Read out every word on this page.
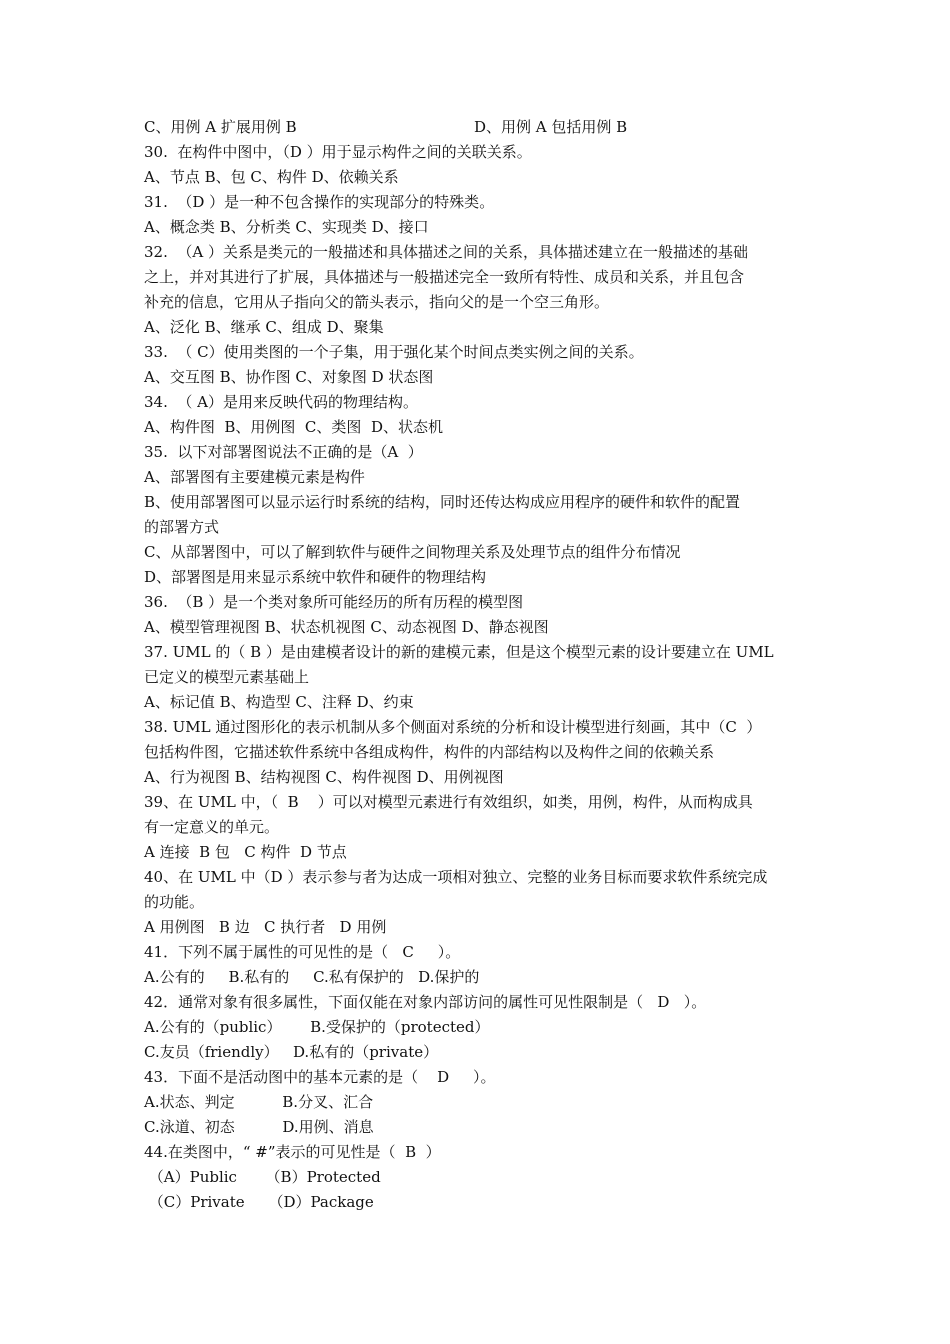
C、用例 A 扩展用例 B	D、用例 A 包括用例 B
30.  在构件中图中，（D ）用于显示构件之间的关联关系。
A、节点 B、包 C、构件 D、依赖关系
31.  （D ）是一种不包含操作的实现部分的特殊类。
A、概念类 B、分析类 C、实现类 D、接口
32.  （A ）关系是类元的一般描述和具体描述之间的关系，具体描述建立在一般描述的基础
之上，并对其进行了扩展，具体描述与一般描述完全一致所有特性、成员和关系，并且包含
补充的信息，它用从子指向父的箭头表示，指向父的是一个空三角形。
A、泛化 B、继承 C、组成 D、聚集
33.  （ C）使用类图的一个子集，用于强化某个时间点类实例之间的关系。
A、交互图 B、协作图 C、对象图 D 状态图
34.  （ A）是用来反映代码的物理结构。
A、构件图  B、用例图  C、类图  D、状态机
35.  以下对部署图说法不正确的是（A  ）
A、部署图有主要建模元素是构件
B、使用部署图可以显示运行时系统的结构，同时还传达构成应用程序的硬件和软件的配置
的部署方式
C、从部署图中，可以了解到软件与硬件之间物理关系及处理节点的组件分布情况
D、部署图是用来显示系统中软件和硬件的物理结构
36.  （B ）是一个类对象所可能经历的所有历程的模型图
A、模型管理视图 B、状态机视图 C、动态视图 D、静态视图
37. UML 的（ B ）是由建模者设计的新的建模元素，但是这个模型元素的设计要建立在 UML
已定义的模型元素基础上
A、标记值 B、构造型 C、注释 D、约束
38. UML 通过图形化的表示机制从多个侧面对系统的分析和设计模型进行刻画，其中（C  ）
包括构件图，它描述软件系统中各组成构件，构件的内部结构以及构件之间的依赖关系
A、行为视图 B、结构视图 C、构件视图 D、用例视图
39、在 UML 中，（  B    ）可以对模型元素进行有效组织，如类，用例，构件，从而构成具
有一定意义的单元。
A 连接  B 包   C 构件  D 节点
40、在 UML 中（D ）表示参与者为达成一项相对独立、完整的业务目标而要求软件系统完成
的功能。
A 用例图   B 边   C 执行者   D 用例
41．下列不属于属性的可见性的是（   C     ）。
A.公有的     B.私有的     C.私有保护的   D.保护的
42．通常对象有很多属性，下面仅能在对象内部访问的属性可见性限制是（   D   ）。
A.公有的（public）      B.受保护的（protected）
C.友员（friendly）   D.私有的（private）
43．下面不是活动图中的基本元素的是（    D     ）。
A.状态、判定          B.分叉、汇合
C.泳道、初态          D.用例、消息
44.在类图中，“ #”表示的可见性是（  B  ）
（A）Public      （B）Protected
（C）Private     （D）Package
